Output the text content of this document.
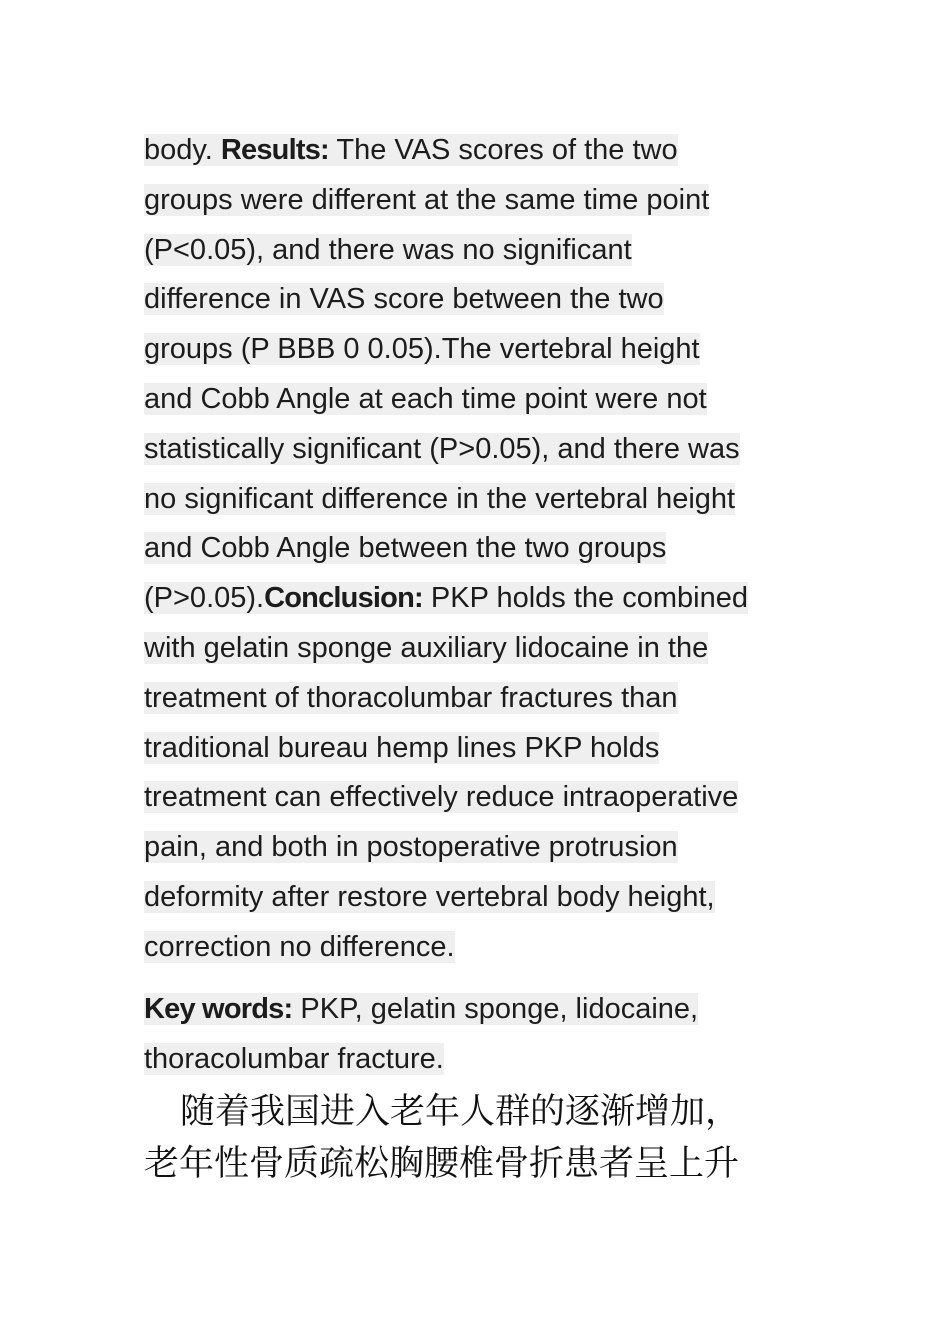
body. Results: The VAS scores of the two
groups were different at the same time point
(P<0.05), and there was no significant
difference in VAS score between the two
groups (P BBB 0 0.05).The vertebral height
and Cobb Angle at each time point were not
statistically significant (P>0.05), and there was
no significant difference in the vertebral height
and Cobb Angle between the two groups
(P>0.05).Conclusion: PKP holds the combined
with gelatin sponge auxiliary lidocaine in the
treatment of thoracolumbar fractures than
traditional bureau hemp lines PKP holds
treatment can effectively reduce intraoperative
pain, and both in postoperative protrusion
deformity after restore vertebral body height,
correction no difference.
Key words: PKP, gelatin sponge, lidocaine,
thoracolumbar fracture.
随着我国进入老年人群的逐渐增加，
老年性骨质疏松胸腰椎骨折患者呈上升
